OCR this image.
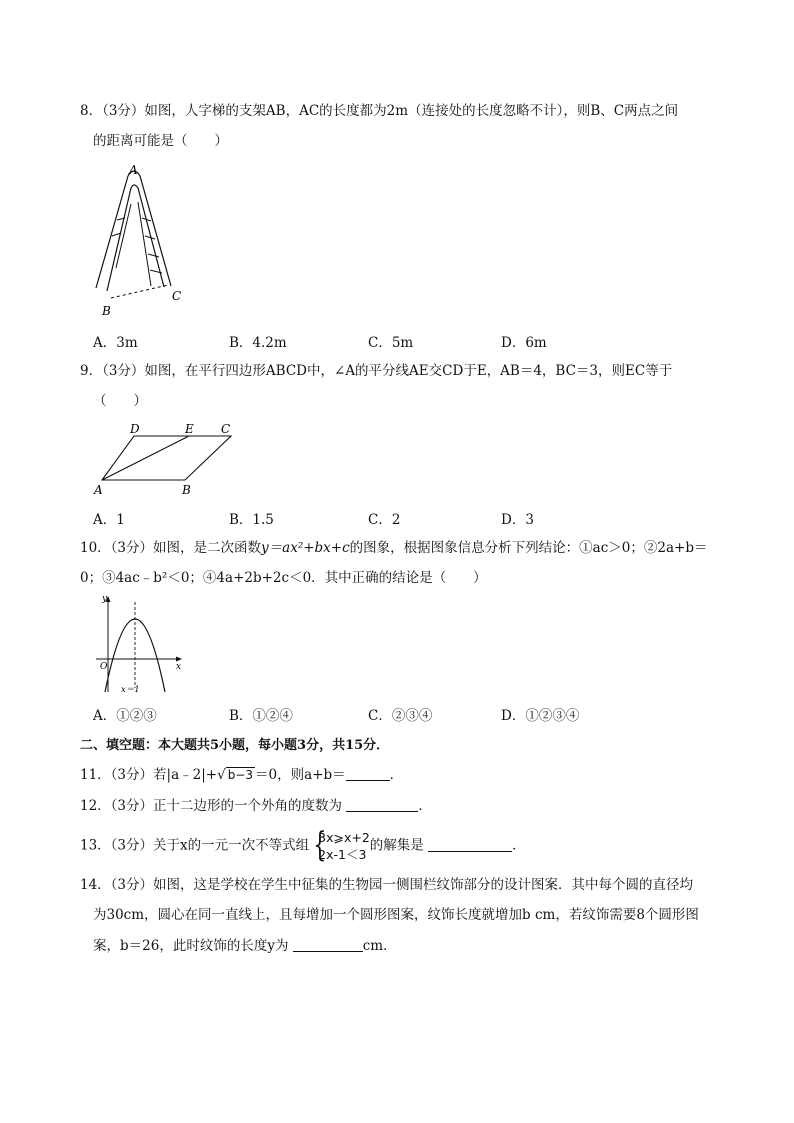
8．（3分）如图，人字梯的支架AB，AC的长度都为2m（连接处的长度忽略不计），则B、C两点之间
的距离可能是（　　）
A
B
C
A．3m	B．4.2m	C．5m	D．6m
9．（3分）如图，在平行四边形ABCD中，∠A的平分线AE交CD于E，AB＝4，BC＝3，则EC等于
（　　）
D	E C
A	B
A．1	B．1.5	C．2	D．3
10．（3分）如图，是二次函数y＝ax²+bx+c的图象，根据图象信息分析下列结论：①ac＞0；②2a+b＝
0；③4ac﹣b²＜0；④4a+2b+2c＜0．其中正确的结论是（　　）
y
x
O
x＝1
A．①②③	B．①②④	C．②③④	D．①②③④
二、填空题：本大题共5小题，每小题3分，共15分．
11．（3分）若|a﹣2|+√ b−3 ＝0，则a+b＝	．
12．（3分）正十二边形的一个外角的度数为	．
13．（3分）关于x的一元一次不等式组 {
3x⩾x+2
2x-1＜3
的解集是	．
14．（3分）如图，这是学校在学生中征集的生物园一侧围栏纹饰部分的设计图案．其中每个圆的直径均
为30cm，圆心在同一直线上，且每增加一个圆形图案，纹饰长度就增加b cm，若纹饰需要8个圆形图
案，b＝26，此时纹饰的长度y为	cm．
